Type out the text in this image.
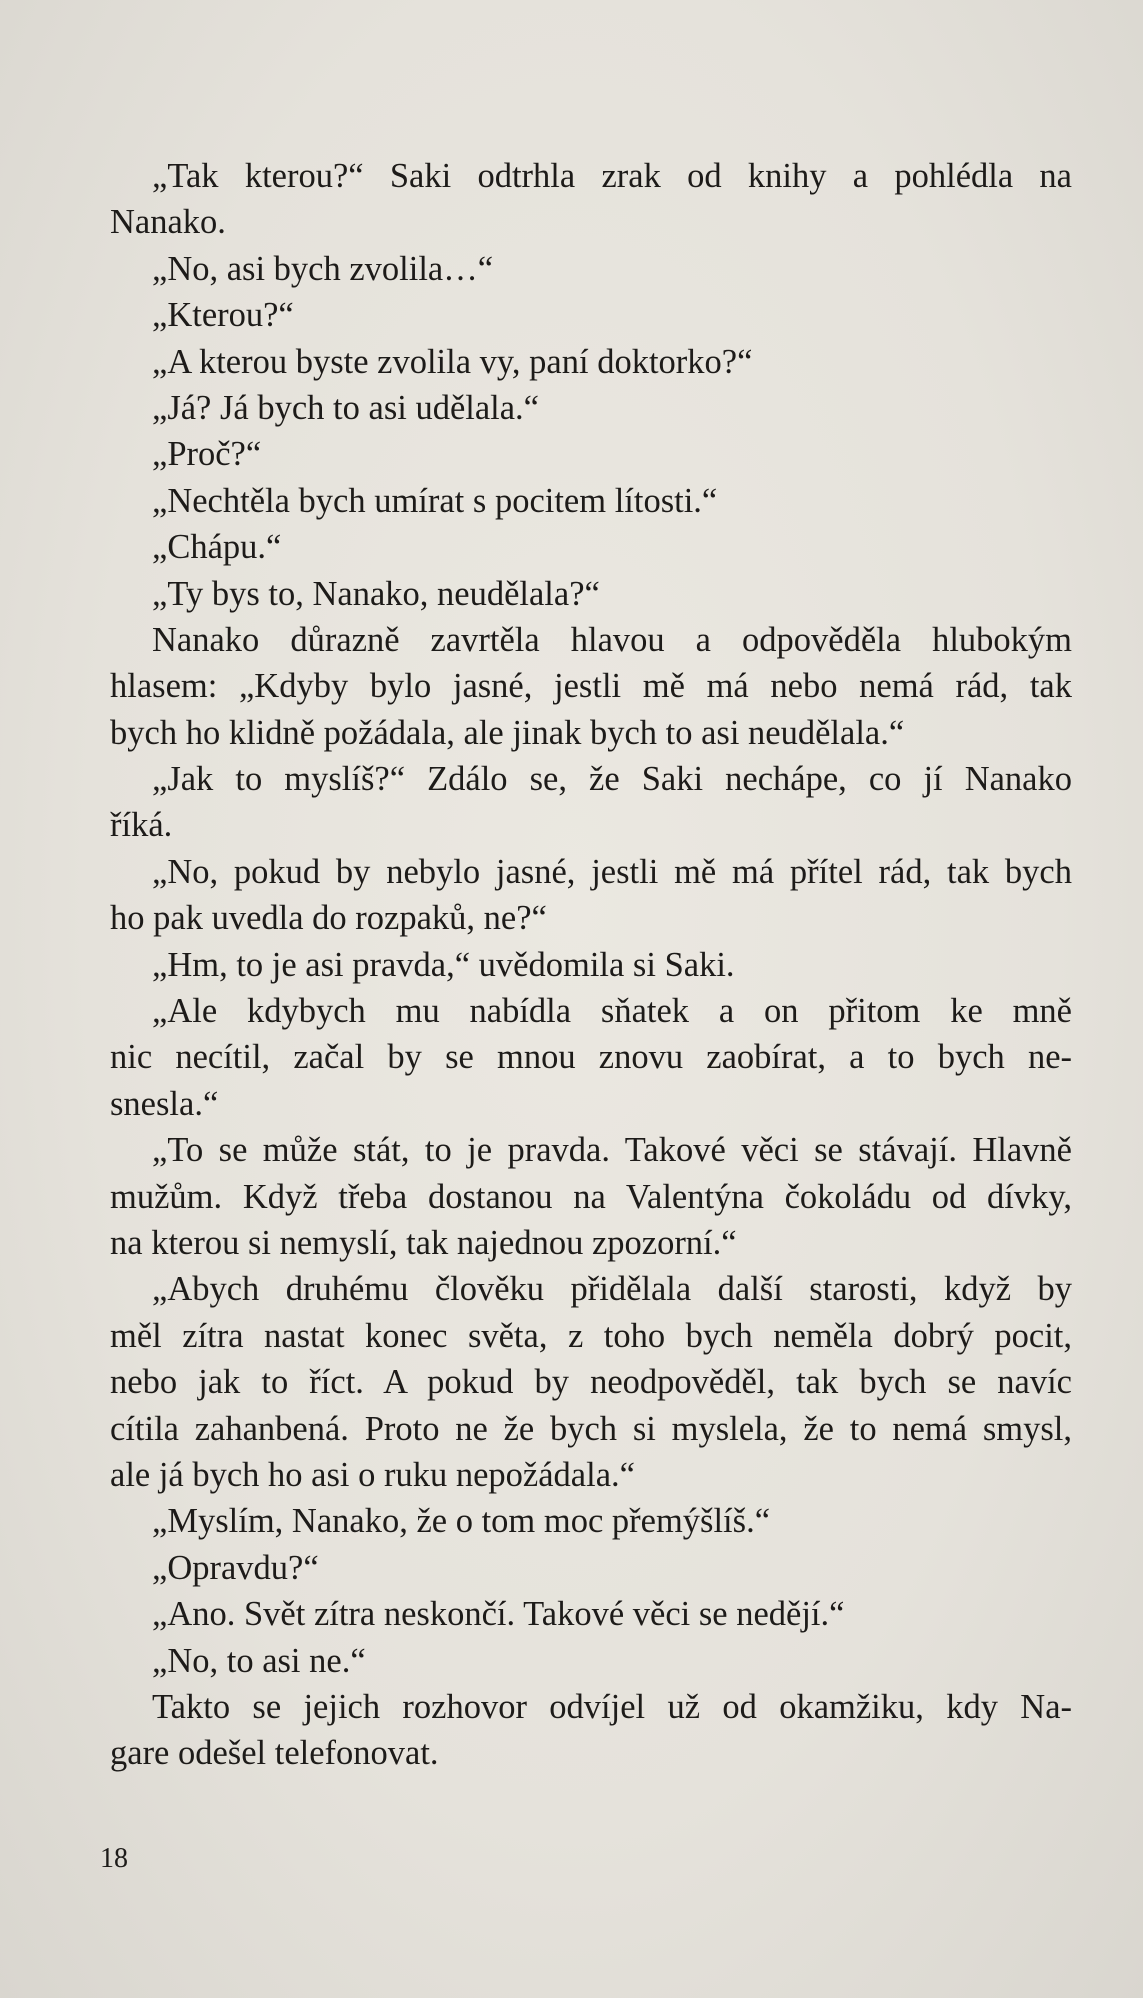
„Tak kterou?“ Saki odtrhla zrak od knihy a pohlédla na
Nanako.
„No, asi bych zvolila…“
„Kterou?“
„A kterou byste zvolila vy, paní doktorko?“
„Já? Já bych to asi udělala.“
„Proč?“
„Nechtěla bych umírat s pocitem lítosti.“
„Chápu.“
„Ty bys to, Nanako, neudělala?“
Nanako důrazně zavrtěla hlavou a odpověděla hlubokým
hlasem: „Kdyby bylo jasné, jestli mě má nebo nemá rád, tak
bych ho klidně požádala, ale jinak bych to asi neudělala.“
„Jak to myslíš?“ Zdálo se, že Saki nechápe, co jí Nanako
říká.
„No, pokud by nebylo jasné, jestli mě má přítel rád, tak bych
ho pak uvedla do rozpaků, ne?“
„Hm, to je asi pravda,“ uvědomila si Saki.
„Ale kdybych mu nabídla sňatek a on přitom ke mně
nic necítil, začal by se mnou znovu zaobírat, a to bych ne-
snesla.“
„To se může stát, to je pravda. Takové věci se stávají. Hlavně
mužům. Když třeba dostanou na Valentýna čokoládu od dívky,
na kterou si nemyslí, tak najednou zpozorní.“
„Abych druhému člověku přidělala další starosti, když by
měl zítra nastat konec světa, z toho bych neměla dobrý pocit,
nebo jak to říct. A pokud by neodpověděl, tak bych se navíc
cítila zahanbená. Proto ne že bych si myslela, že to nemá smysl,
ale já bych ho asi o ruku nepožádala.“
„Myslím, Nanako, že o tom moc přemýšlíš.“
„Opravdu?“
„Ano. Svět zítra neskončí. Takové věci se nedějí.“
„No, to asi ne.“
Takto se jejich rozhovor odvíjel už od okamžiku, kdy Na-
gare odešel telefonovat.
18
